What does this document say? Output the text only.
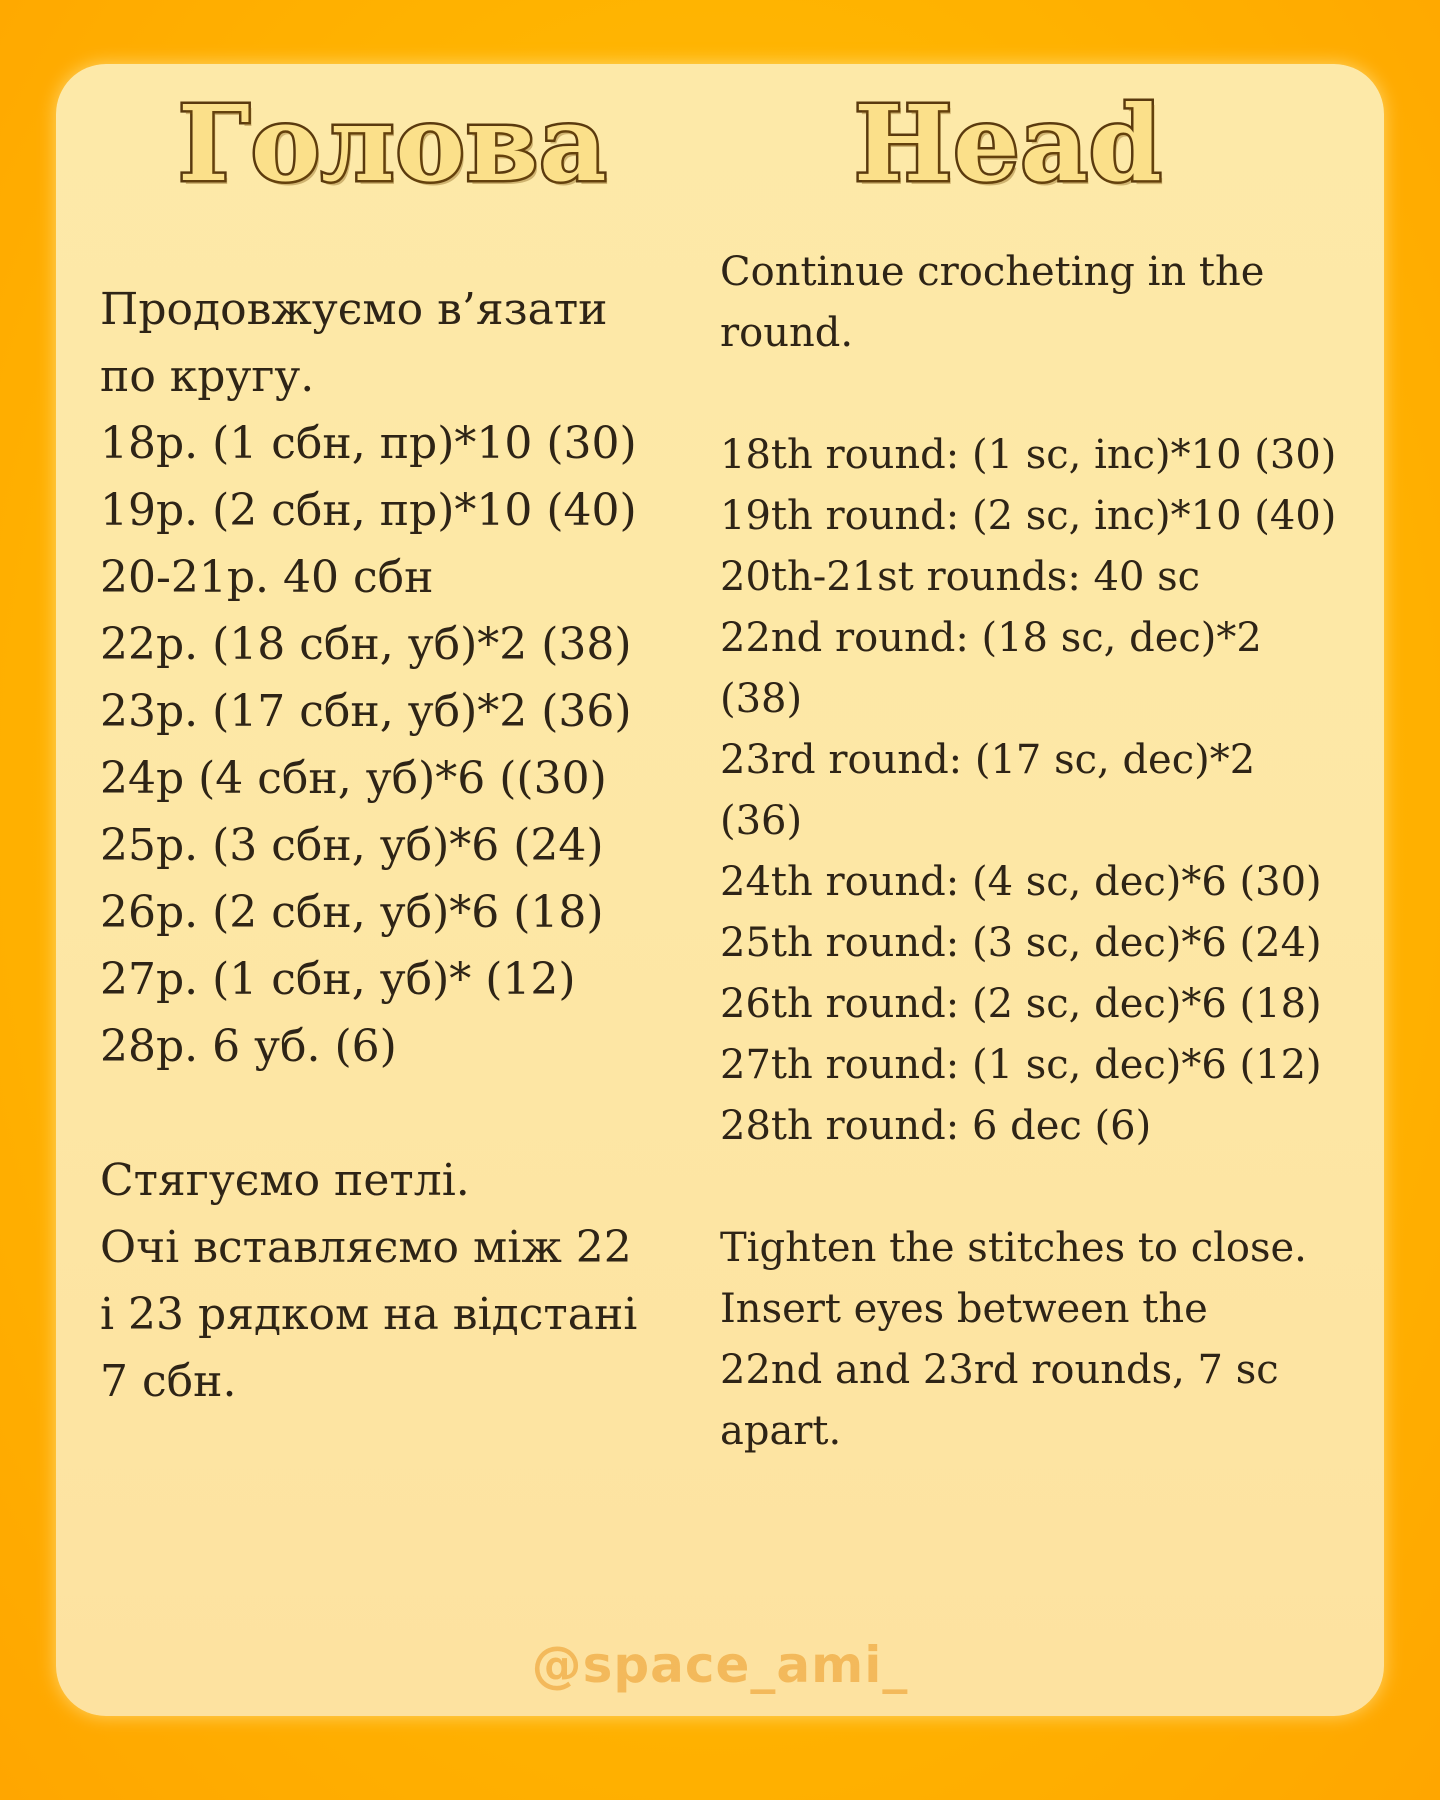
Голова Head
Продовжуємо в’язати
по кругу.
18р. (1 сбн, пр)*10 (30)
19р. (2 сбн, пр)*10 (40)
20-21р. 40 сбн
22р. (18 сбн, уб)*2 (38)
23р. (17 сбн, уб)*2 (36)
24р (4 сбн, уб)*6 ((30)
25р. (3 сбн, уб)*6 (24)
26р. (2 сбн, уб)*6 (18)
27р. (1 сбн, уб)* (12)
28р. 6 уб. (6)
Стягуємо петлі.
Очі вставляємо між 22
і 23 рядком на відстані
7 сбн.
Continue crocheting in the
round.
18th round: (1 sc, inc)*10 (30)
19th round: (2 sc, inc)*10 (40)
20th-21st rounds: 40 sc
22nd round: (18 sc, dec)*2
(38)
23rd round: (17 sc, dec)*2
(36)
24th round: (4 sc, dec)*6 (30)
25th round: (3 sc, dec)*6 (24)
26th round: (2 sc, dec)*6 (18)
27th round: (1 sc, dec)*6 (12)
28th round: 6 dec (6)
Tighten the stitches to close.
Insert eyes between the
22nd and 23rd rounds, 7 sc
apart.
@space_ami_
